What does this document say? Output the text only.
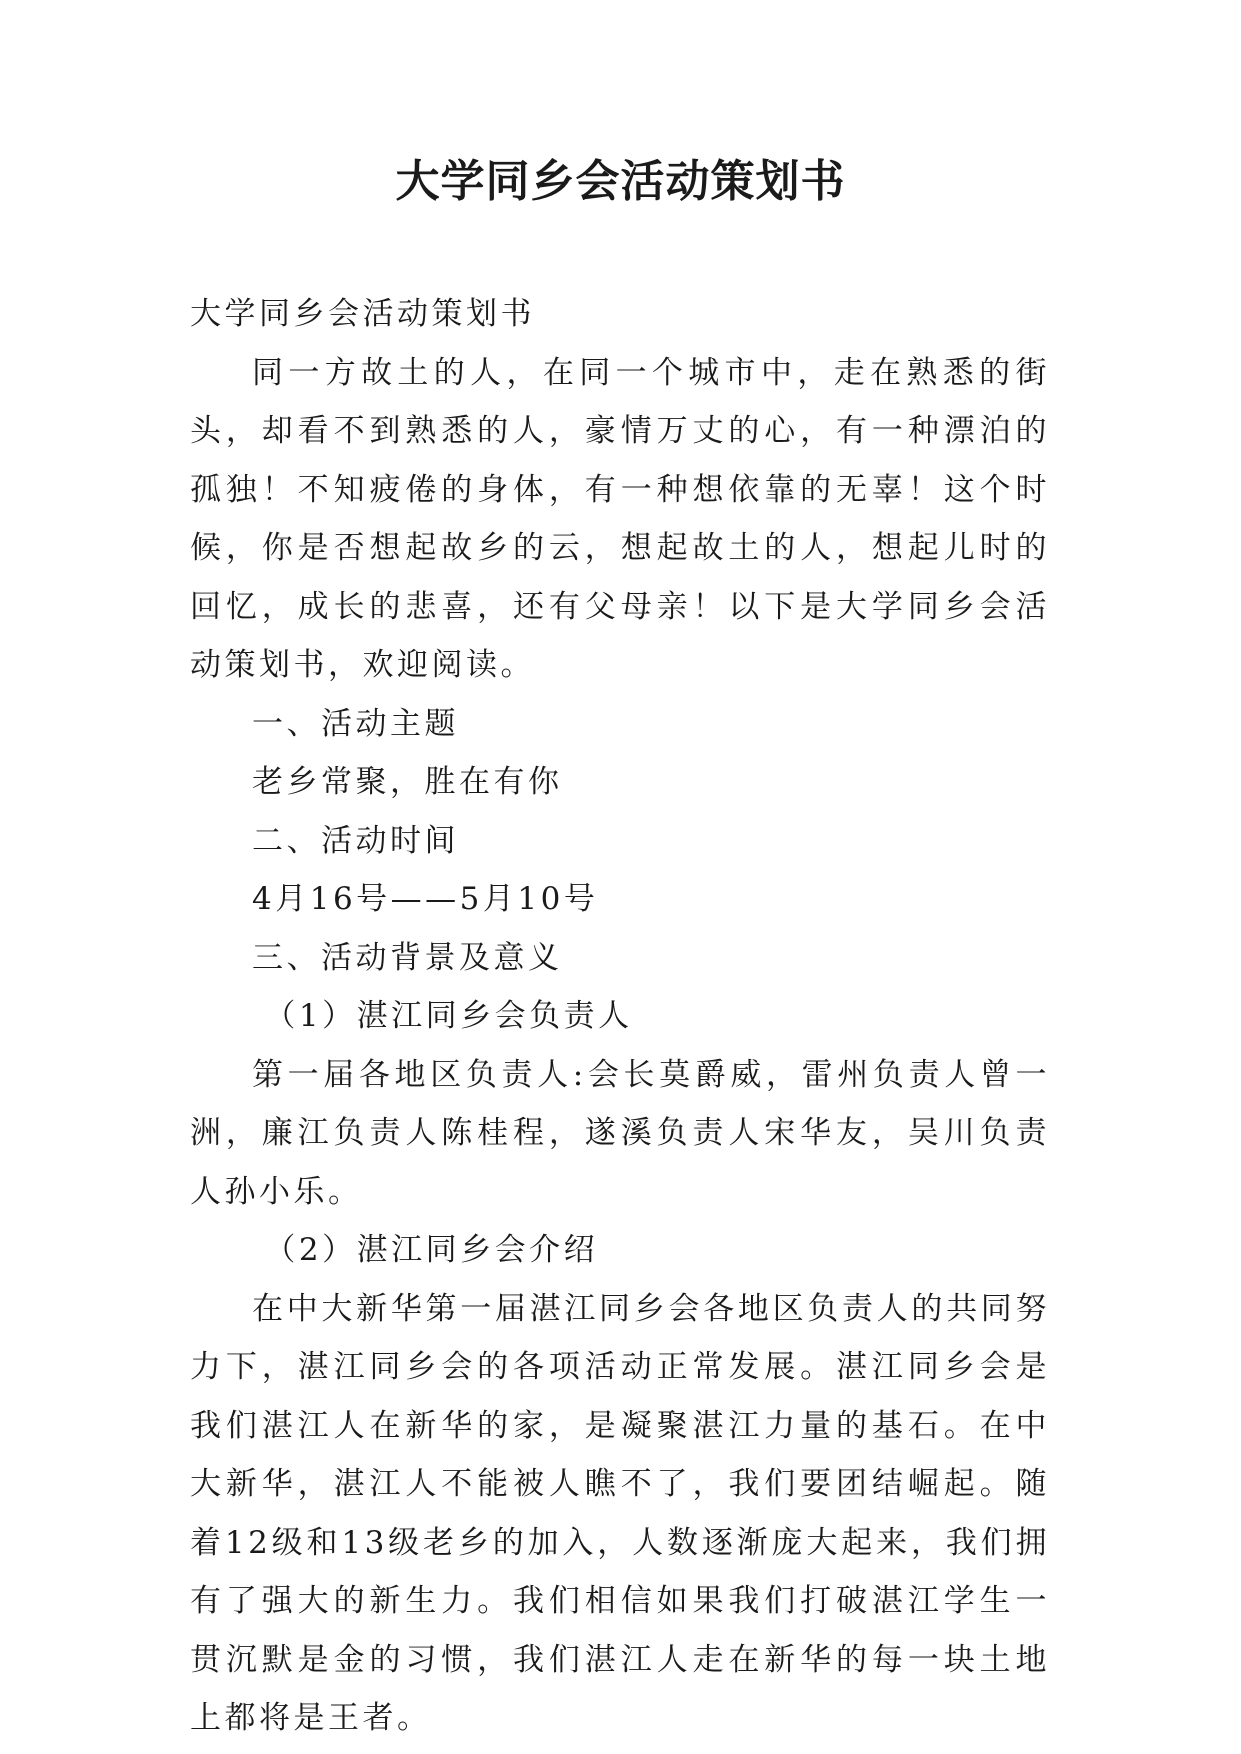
大学同乡会活动策划书

大学同乡会活动策划书

同一方故土的人，在同一个城市中，走在熟悉的街头，却看不到熟悉的人，豪情万丈的心，有一种漂泊的孤独！不知疲倦的身体，有一种想依靠的无辜！这个时候，你是否想起故乡的云，想起故土的人，想起儿时的回忆，成长的悲喜，还有父母亲！以下是大学同乡会活动策划书，欢迎阅读。

一、活动主题

老乡常聚，胜在有你

二、活动时间

4月16号——5月10号

三、活动背景及意义

（1）湛江同乡会负责人

第一届各地区负责人:会长莫爵威，雷州负责人曾一洲，廉江负责人陈桂程，遂溪负责人宋华友，吴川负责人孙小乐。

（2）湛江同乡会介绍

在中大新华第一届湛江同乡会各地区负责人的共同努力下，湛江同乡会的各项活动正常发展。湛江同乡会是我们湛江人在新华的家，是凝聚湛江力量的基石。在中大新华，湛江人不能被人瞧不了，我们要团结崛起。随着12级和13级老乡的加入，人数逐渐庞大起来，我们拥有了强大的新生力。我们相信如果我们打破湛江学生一贯沉默是金的习惯，我们湛江人走在新华的每一块土地上都将是王者。
